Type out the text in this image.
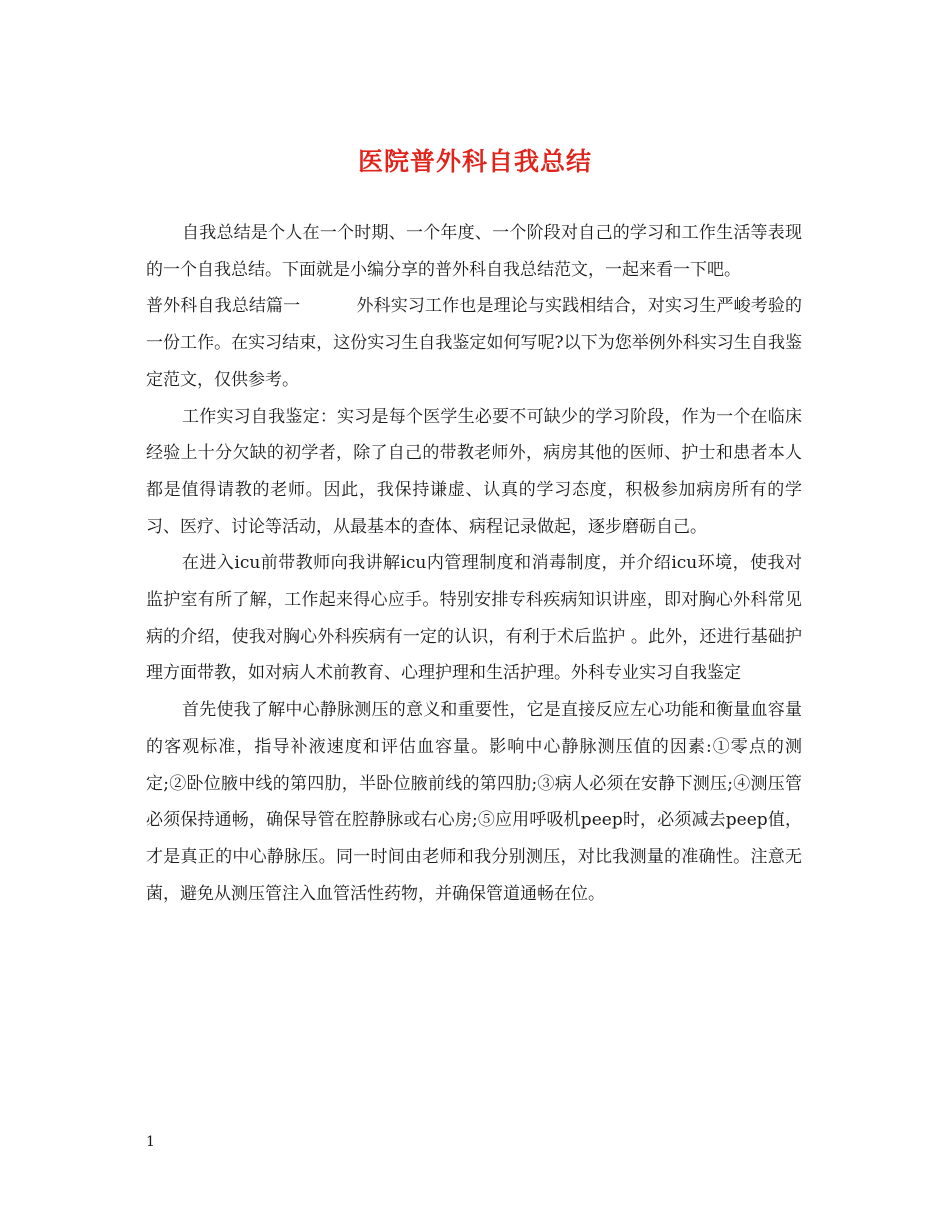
医院普外科自我总结

自我总结是个人在一个时期、一个年度、一个阶段对自己的学习和工作生活等表现的一个自我总结。下面就是小编分享的普外科自我总结范文，一起来看一下吧。

普外科自我总结篇一	外科实习工作也是理论与实践相结合，对实习生严峻考验的一份工作。在实习结束，这份实习生自我鉴定如何写呢?以下为您举例外科实习生自我鉴定范文，仅供参考。

工作实习自我鉴定：实习是每个医学生必要不可缺少的学习阶段，作为一个在临床经验上十分欠缺的初学者，除了自己的带教老师外，病房其他的医师、护士和患者本人都是值得请教的老师。因此，我保持谦虚、认真的学习态度，积极参加病房所有的学习、医疗、讨论等活动，从最基本的查体、病程记录做起，逐步磨砺自己。

在进入icu前带教师向我讲解icu内管理制度和消毒制度，并介绍icu环境，使我对监护室有所了解，工作起来得心应手。特别安排专科疾病知识讲座，即对胸心外科常见病的介绍，使我对胸心外科疾病有一定的认识，有利于术后监护 。此外，还进行基础护理方面带教，如对病人术前教育、心理护理和生活护理。外科专业实习自我鉴定

首先使我了解中心静脉测压的意义和重要性，它是直接反应左心功能和衡量血容量的客观标准，指导补液速度和评估血容量。影响中心静脉测压值的因素:①零点的测定;②卧位腋中线的第四肋，半卧位腋前线的第四肋;③病人必须在安静下测压;④测压管必须保持通畅，确保导管在腔静脉或右心房;⑤应用呼吸机peep时，必须减去peep值，才是真正的中心静脉压。同一时间由老师和我分别测压，对比我测量的准确性。注意无菌，避免从测压管注入血管活性药物，并确保管道通畅在位。

1
